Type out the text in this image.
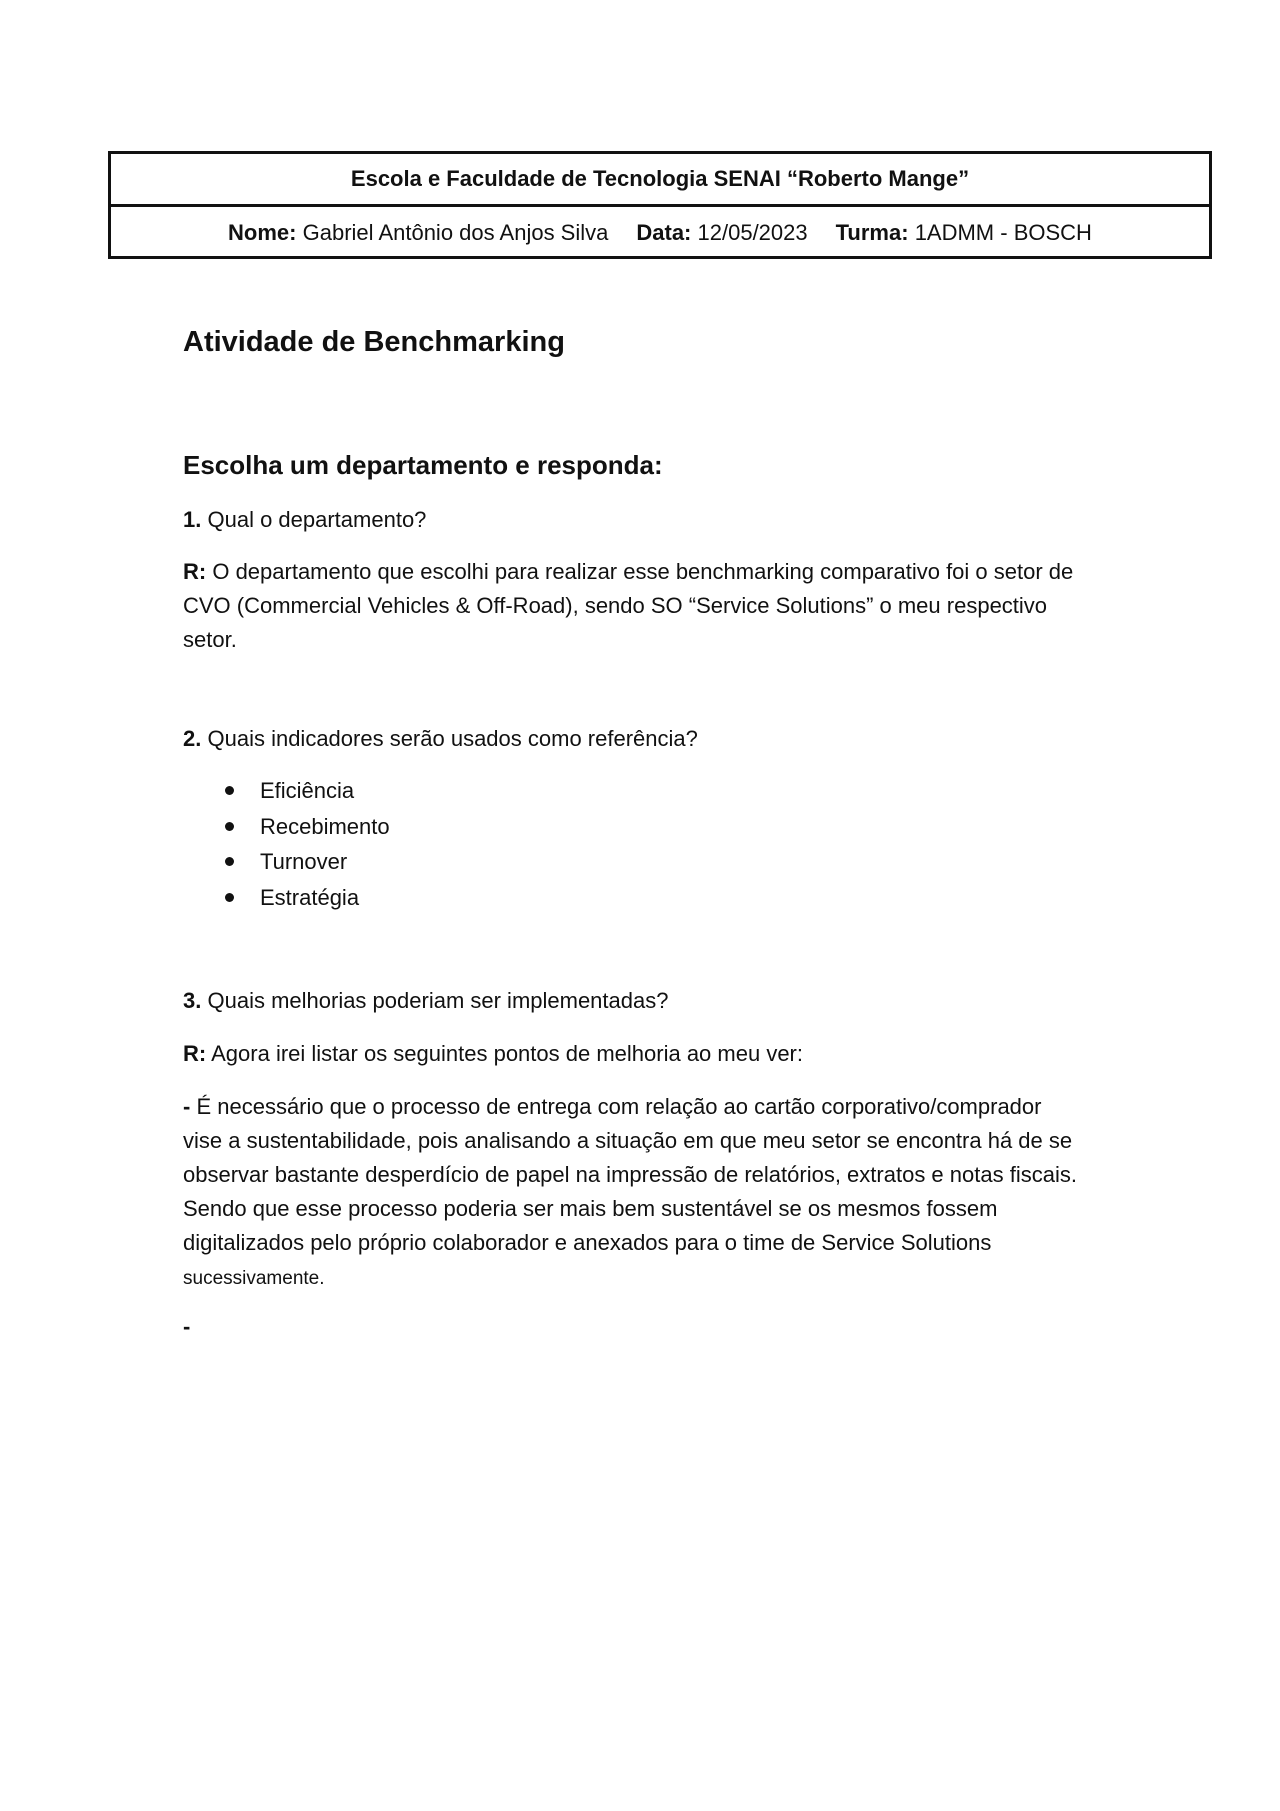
Escola e Faculdade de Tecnologia SENAI “Roberto Mange”
Nome: Gabriel Antônio dos Anjos Silva Data: 12/05/2023 Turma: 1ADMM - BOSCH
Atividade de Benchmarking
Escolha um departamento e responda:
1. Qual o departamento?
R: O departamento que escolhi para realizar esse benchmarking comparativo foi o setor de CVO (Commercial Vehicles & Off-Road), sendo SO “Service Solutions” o meu respectivo setor.
2. Quais indicadores serão usados como referência?
Eficiência
Recebimento
Turnover
Estratégia
3. Quais melhorias poderiam ser implementadas?
R: Agora irei listar os seguintes pontos de melhoria ao meu ver:
- É necessário que o processo de entrega com relação ao cartão corporativo/comprador vise a sustentabilidade, pois analisando a situação em que meu setor se encontra há de se observar bastante desperdício de papel na impressão de relatórios, extratos e notas fiscais. Sendo que esse processo poderia ser mais bem sustentável se os mesmos fossem digitalizados pelo próprio colaborador e anexados para o time de Service Solutions sucessivamente.
-
